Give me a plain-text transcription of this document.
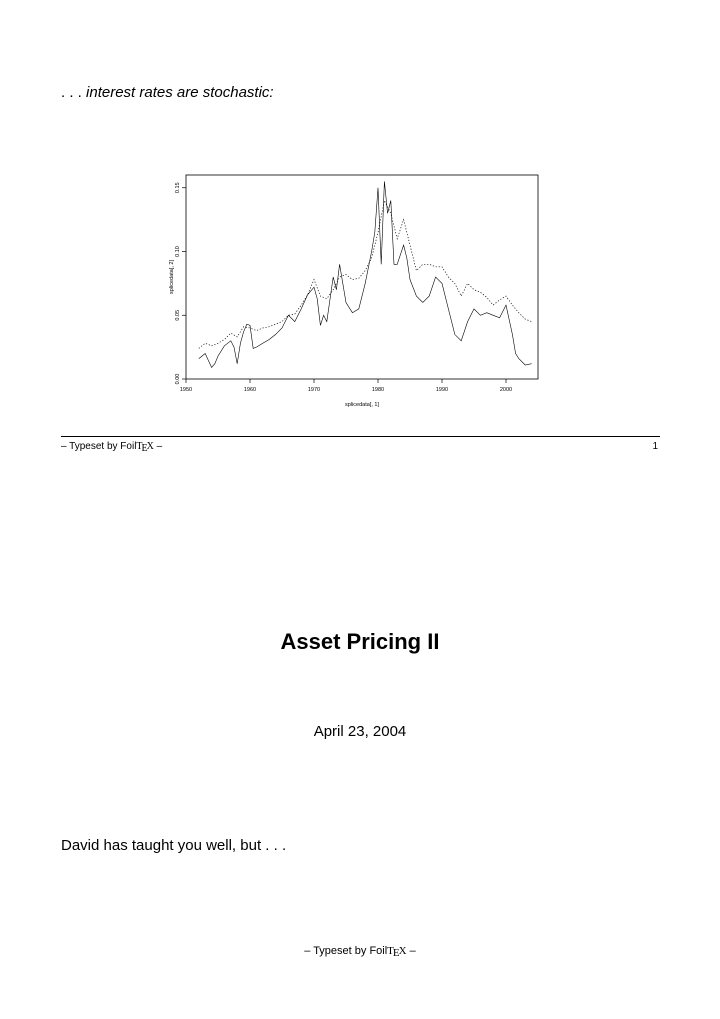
. . . interest rates are stochastic:
1950	1960	1970	1980	1990	2000
0.00
0.05
0.10
0.15
splicedata[, 1]
splicedata[, 2]
– Typeset by FoilTEX –	1
Asset Pricing II
April 23, 2004
David has taught you well, but . . .
– Typeset by FoilTEX –
